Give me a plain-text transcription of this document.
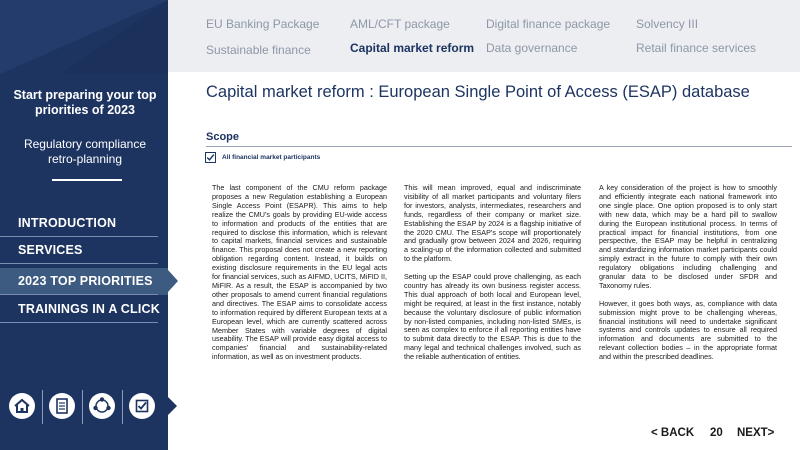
Start preparing your top priorities of 2023
Regulatory compliance retro-planning
INTRODUCTION
SERVICES
2023 TOP PRIORITIES
TRAININGS IN A CLICK
EU Banking Package	AML/CFT package	Digital finance package Solvency III
Sustainable finance	Capital market reform Data governance	Retail finance services
Capital market reform : European Single Point of Access (ESAP) database
Scope
All financial market participants

The last component of the CMU reform package proposes a new Regulation establishing a European Single Access Point (ESAPR). This aims to help realize the CMU’s goals by providing EU-wide access to information and products of the entities that are required to disclose this information, which is relevant to capital markets, financial services and sustainable finance. This proposal does not create a new reporting obligation regarding content. Instead, it builds on existing disclosure requirements in the EU legal acts for financial services, such as AIFMD, UCITS, MiFID II, MiFIR. As a result, the ESAP is accompanied by two other proposals to amend current financial regulations and directives. The ESAP aims to consolidate access to information required by different European texts at a European level, which are currently scattered across Member States with variable degrees of digital useability. The ESAP will provide easy digital access to companies’ financial and sustainability-related information, as well as on investment products.

This will mean improved, equal and indiscriminate visibility of all market participants and voluntary filers for investors, analysts, intermediates, researchers and funds, regardless of their company or market size. Establishing the ESAP by 2024 is a flagship initiative of the 2020 CMU. The ESAP’s scope will proportionately and gradually grow between 2024 and 2026, requiring a scaling-up of the information collected and submitted to the platform.

Setting up the ESAP could prove challenging, as each country has already its own business register access. This dual approach of both local and European level, might be required, at least in the first instance, notably because the voluntary disclosure of public information by non-listed companies, including non-listed SMEs, is seen as complex to enforce if all reporting entities have to submit data directly to the ESAP. This is due to the many legal and technical challenges involved, such as the reliable authentication of entities.

A key consideration of the project is how to smoothly and efficiently integrate each national framework into one single place. One option proposed is to only start with new data, which may be a hard pill to swallow during the European institutional process. In terms of practical impact for financial institutions, from one perspective, the ESAP may be helpful in centralizing and standardizing information market participants could simply extract in the future to comply with their own regulatory obligations including challenging and granular data to be disclosed under SFDR and Taxonomy rules.

However, it goes both ways, as, compliance with data submission might prove to be challenging whereas, financial institutions will need to undertake significant systems and controls updates to ensure all required information and documents are submitted to the relevant collection bodies – in the appropriate format and within the prescribed deadlines.

< BACK 20 NEXT>
